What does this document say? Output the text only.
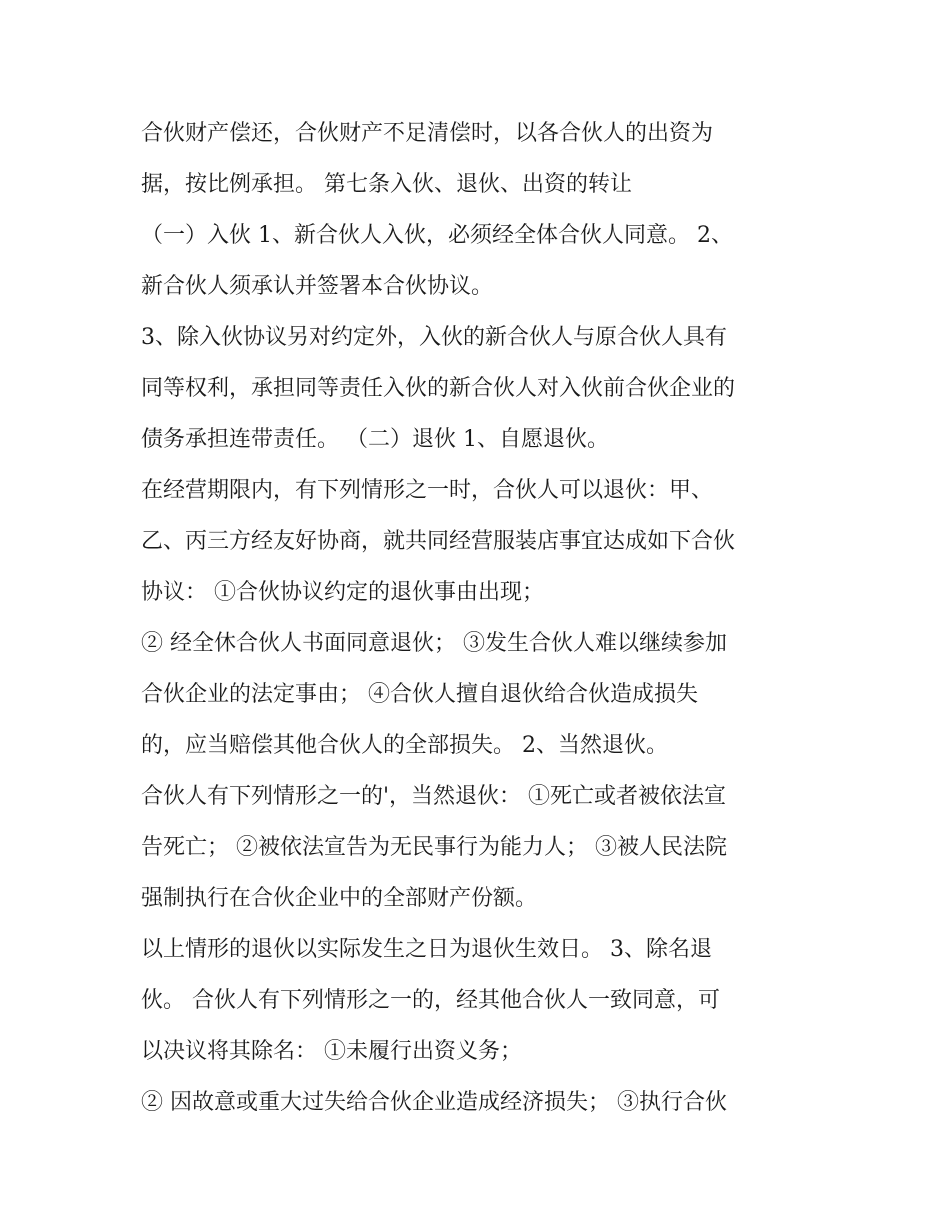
合伙财产偿还，合伙财产不足清偿时，以各合伙人的出资为
据，按比例承担。 第七条入伙、退伙、出资的转让
（一）入伙 1、新合伙人入伙，必须经全体合伙人同意。 2、
新合伙人须承认并签署本合伙协议。
3、除入伙协议另对约定外，入伙的新合伙人与原合伙人具有
同等权利，承担同等责任入伙的新合伙人对入伙前合伙企业的
债务承担连带责任。 （二）退伙 1、自愿退伙。
在经营期限内，有下列情形之一时，合伙人可以退伙：甲、
乙、丙三方经友好协商，就共同经营服装店事宜达成如下合伙
协议： ①合伙协议约定的退伙事由出现；
② 经全休合伙人书面同意退伙； ③发生合伙人难以继续参加
合伙企业的法定事由； ④合伙人擅自退伙给合伙造成损失
的，应当赔偿其他合伙人的全部损失。 2、当然退伙。
合伙人有下列情形之一的'，当然退伙： ①死亡或者被依法宣
告死亡； ②被依法宣告为无民事行为能力人； ③被人民法院
强制执行在合伙企业中的全部财产份额。
以上情形的退伙以实际发生之日为退伙生效日。 3、除名退
伙。 合伙人有下列情形之一的，经其他合伙人一致同意，可
以决议将其除名： ①未履行出资义务；
② 因故意或重大过失给合伙企业造成经济损失； ③执行合伙
